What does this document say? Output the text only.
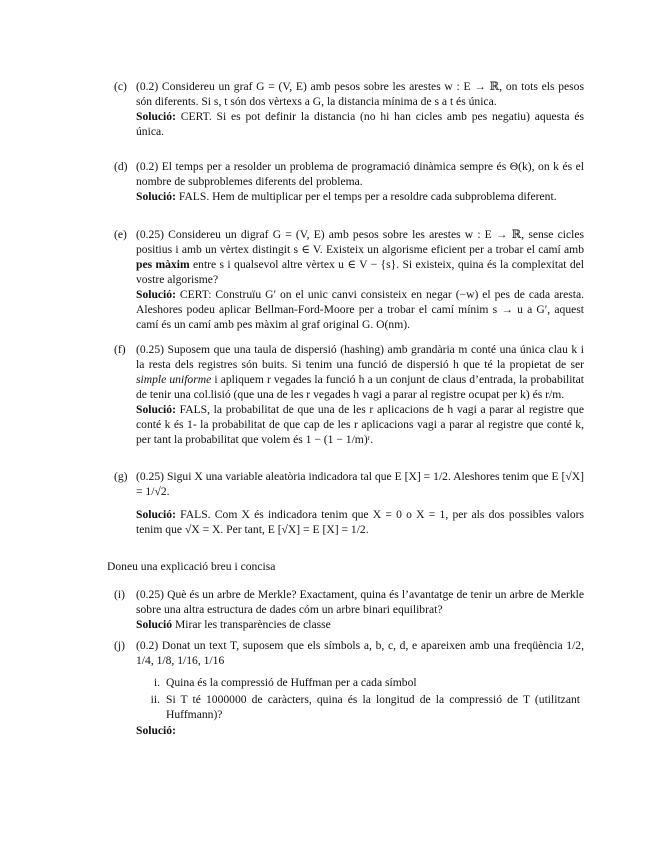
(c) (0.2) Considereu un graf G = (V, E) amb pesos sobre les arestes w : E → ℝ, on tots els pesos són diferents. Si s, t són dos vèrtexs a G, la distancia mínima de s a t és única.

Solució: CERT. Si es pot definir la distancia (no hi han cicles amb pes negatiu) aquesta és única.

(d) (0.2) El temps per a resolder un problema de programació dinàmica sempre és Θ(k), on k és el nombre de subproblemes diferents del problema.

Solució: FALS. Hem de multiplicar per el temps per a resoldre cada subproblema diferent.

(e) (0.25) Considereu un digraf G = (V, E) amb pesos sobre les arestes w : E → ℝ, sense cicles positius i amb un vèrtex distingit s ∈ V. Existeix un algorisme eficient per a trobar el camí amb pes màxim entre s i qualsevol altre vèrtex u ∈ V − {s}. Si existeix, quina és la complexitat del vostre algorisme?

Solució: CERT: Construïu G′ on el unic canvi consisteix en negar (−w) el pes de cada aresta. Aleshores podeu aplicar Bellman-Ford-Moore per a trobar el camí mínim s → u a G′, aquest camí és un camí amb pes màxim al graf original G. O(nm).

(f) (0.25) Suposem que una taula de dispersió (hashing) amb grandària m conté una única clau k i la resta dels registres són buits. Si tenim una funció de dispersió h que té la propietat de ser simple uniforme i apliquem r vegades la funció h a un conjunt de claus d’entrada, la probabilitat de tenir una col.lisió (que una de les r vegades h vagi a parar al registre ocupat per k) és r/m.

Solució: FALS, la probabilitat de que una de les r aplicacions de h vagi a parar al registre que conté k és 1- la probabilitat de que cap de les r aplicacions vagi a parar al registre que conté k, per tant la probabilitat que volem és 1 − (1 − 1/m)ʳ.

(g) (0.25) Sigui X una variable aleatòria indicadora tal que E [X] = 1/2. Aleshores tenim que E [√X] = 1/√2.

Solució: FALS. Com X és indicadora tenim que X = 0 o X = 1, per als dos possibles valors tenim que √X = X. Per tant, E [√X] = E [X] = 1/2.

Doneu una explicació breu i concisa
(i) (0.25) Què és un arbre de Merkle? Exactament, quina és l’avantatge de tenir un arbre de Merkle sobre una altra estructura de dades cóm un arbre binari equilibrat?

Solució Mirar les transparències de classe

(j) (0.2) Donat un text T, suposem que els símbols a, b, c, d, e apareixen amb una freqüència 1/2, 1/4, 1/8, 1/16, 1/16

i. Quina és la compressió de Huffman per a cada símbol
ii. Si T té 1000000 de caràcters, quina és la longitud de la compressió de T (utilitzant Huffmann)?
Solució:
